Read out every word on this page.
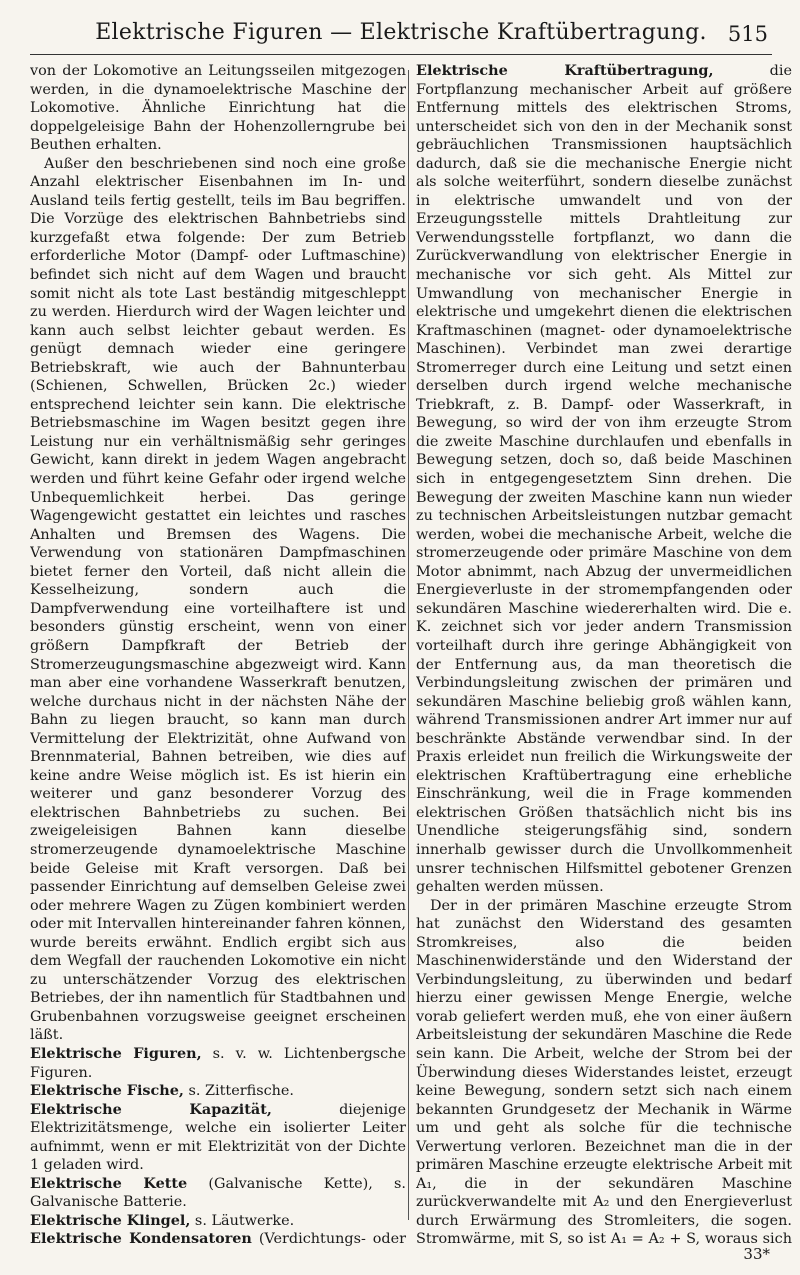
Elektrische Figuren — Elektrische Kraftübertragung.	515

von der Lokomotive an Leitungsseilen mitgezogen werden, in die dynamoelektrische Maschine der Lokomotive. Ähnliche Einrichtung hat die doppelgeleisige Bahn der Hohenzollerngrube bei Beuthen erhalten.

Außer den beschriebenen sind noch eine große Anzahl elektrischer Eisenbahnen im In- und Ausland teils fertig gestellt, teils im Bau begriffen. Die Vorzüge des elektrischen Bahnbetriebs sind kurzgefaßt etwa folgende: Der zum Betrieb erforderliche Motor (Dampf- oder Luftmaschine) befindet sich nicht auf dem Wagen und braucht somit nicht als tote Last beständig mitgeschleppt zu werden. Hierdurch wird der Wagen leichter und kann auch selbst leichter gebaut werden. Es genügt demnach wieder eine geringere Betriebskraft, wie auch der Bahnunterbau (Schienen, Schwellen, Brücken 2c.) wieder entsprechend leichter sein kann. Die elektrische Betriebsmaschine im Wagen besitzt gegen ihre Leistung nur ein verhältnismäßig sehr geringes Gewicht, kann direkt in jedem Wagen angebracht werden und führt keine Gefahr oder irgend welche Unbequemlichkeit herbei. Das geringe Wagengewicht gestattet ein leichtes und rasches Anhalten und Bremsen des Wagens. Die Verwendung von stationären Dampfmaschinen bietet ferner den Vorteil, daß nicht allein die Kesselheizung, sondern auch die Dampfverwendung eine vorteilhaftere ist und besonders günstig erscheint, wenn von einer größern Dampfkraft der Betrieb der Stromerzeugungsmaschine abgezweigt wird. Kann man aber eine vorhandene Wasserkraft benutzen, welche durchaus nicht in der nächsten Nähe der Bahn zu liegen braucht, so kann man durch Vermittelung der Elektrizität, ohne Aufwand von Brennmaterial, Bahnen betreiben, wie dies auf keine andre Weise möglich ist. Es ist hierin ein weiterer und ganz besonderer Vorzug des elektrischen Bahnbetriebs zu suchen. Bei zweigeleisigen Bahnen kann dieselbe stromerzeugende dynamoelektrische Maschine beide Geleise mit Kraft versorgen. Daß bei passender Einrichtung auf demselben Geleise zwei oder mehrere Wagen zu Zügen kombiniert werden oder mit Intervallen hintereinander fahren können, wurde bereits erwähnt. Endlich ergibt sich aus dem Wegfall der rauchenden Lokomotive ein nicht zu unterschätzender Vorzug des elektrischen Betriebes, der ihn namentlich für Stadtbahnen und Grubenbahnen vorzugsweise geeignet erscheinen läßt.

Elektrische Figuren, s. v. w. Lichtenbergsche Figuren.

Elektrische Fische, s. Zitterfische.

Elektrische Kapazität, diejenige Elektrizitätsmenge, welche ein isolierter Leiter aufnimmt, wenn er mit Elektrizität von der Dichte 1 geladen wird.

Elektrische Kette (Galvanische Kette), s. Galvanische Batterie.

Elektrische Klingel, s. Läutwerke.

Elektrische Kondensatoren (Verdichtungs- oder

Elektrische Kraftübertragung, die Fortpflanzung mechanischer Arbeit auf größere Entfernung mittels des elektrischen Stroms, unterscheidet sich von den in der Mechanik sonst gebräuchlichen Transmissionen hauptsächlich dadurch, daß sie die mechanische Energie nicht als solche weiterführt, sondern dieselbe zunächst in elektrische umwandelt und von der Erzeugungsstelle mittels Drahtleitung zur Verwendungsstelle fortpflanzt, wo dann die Zurückverwandlung von elektrischer Energie in mechanische vor sich geht. Als Mittel zur Umwandlung von mechanischer Energie in elektrische und umgekehrt dienen die elektrischen Kraftmaschinen (magnet- oder dynamoelektrische Maschinen). Verbindet man zwei derartige Stromerreger durch eine Leitung und setzt einen derselben durch irgend welche mechanische Triebkraft, z. B. Dampf- oder Wasserkraft, in Bewegung, so wird der von ihm erzeugte Strom die zweite Maschine durchlaufen und ebenfalls in Bewegung setzen, doch so, daß beide Maschinen sich in entgegengesetztem Sinn drehen. Die Bewegung der zweiten Maschine kann nun wieder zu technischen Arbeitsleistungen nutzbar gemacht werden, wobei die mechanische Arbeit, welche die stromerzeugende oder primäre Maschine von dem Motor abnimmt, nach Abzug der unvermeidlichen Energieverluste in der stromempfangenden oder sekundären Maschine wiedererhalten wird. Die e. K. zeichnet sich vor jeder andern Transmission vorteilhaft durch ihre geringe Abhängigkeit von der Entfernung aus, da man theoretisch die Verbindungsleitung zwischen der primären und sekundären Maschine beliebig groß wählen kann, während Transmissionen andrer Art immer nur auf beschränkte Abstände verwendbar sind. In der Praxis erleidet nun freilich die Wirkungsweite der elektrischen Kraftübertragung eine erhebliche Einschränkung, weil die in Frage kommenden elektrischen Größen thatsächlich nicht bis ins Unendliche steigerungsfähig sind, sondern innerhalb gewisser durch die Unvollkommenheit unsrer technischen Hilfsmittel gebotener Grenzen gehalten werden müssen.

Der in der primären Maschine erzeugte Strom hat zunächst den Widerstand des gesamten Stromkreises, also die beiden Maschinenwiderstände und den Widerstand der Verbindungsleitung, zu überwinden und bedarf hierzu einer gewissen Menge Energie, welche vorab geliefert werden muß, ehe von einer äußern Arbeitsleistung der sekundären Maschine die Rede sein kann. Die Arbeit, welche der Strom bei der Überwindung dieses Widerstandes leistet, erzeugt keine Bewegung, sondern setzt sich nach einem bekannten Grundgesetz der Mechanik in Wärme um und geht als solche für die technische Verwertung verloren. Bezeichnet man die in der primären Maschine erzeugte elektrische Arbeit mit A₁, die in der sekundären Maschine zurückverwandelte mit A₂ und den Energieverlust durch Erwärmung des Stromleiters, die sogen. Stromwärme, mit S, so ist A₁ = A₂ + S, woraus sich

33*
